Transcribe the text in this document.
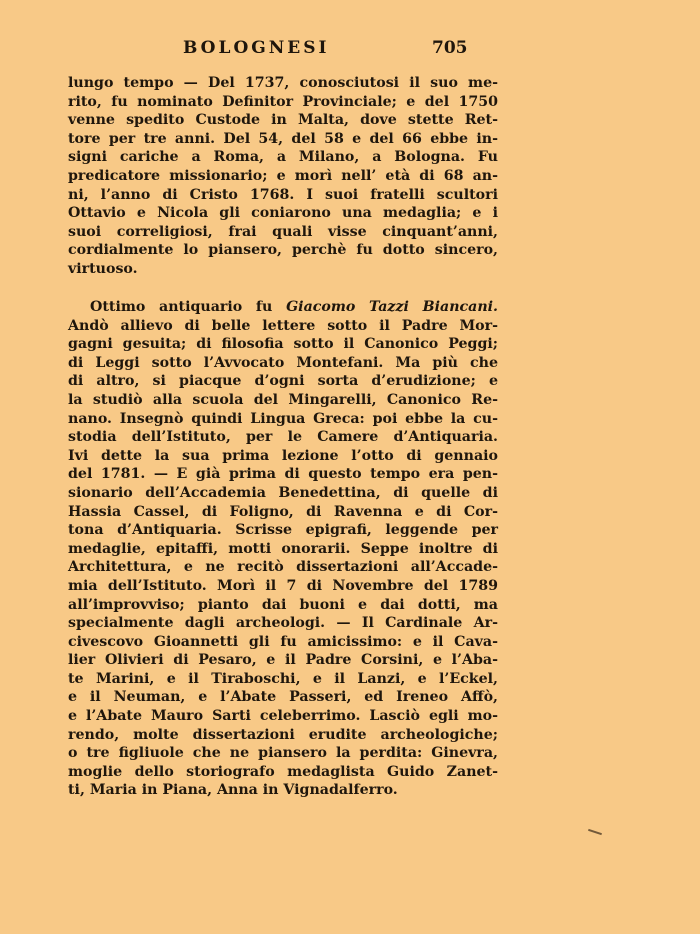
BOLOGNESI	705
lungo tempo — Del 1737, conosciutosi il suo me-
rito, fu nominato Definitor Provinciale; e del 1750
venne spedito Custode in Malta, dove stette Ret-
tore per tre anni. Del 54, del 58 e del 66 ebbe in-
signi cariche a Roma, a Milano, a Bologna. Fu
predicatore missionario; e morì nell’ età di 68 an-
ni, l’anno di Cristo 1768. I suoi fratelli scultori
Ottavio e Nicola gli coniarono una medaglia; e i
suoi correligiosi, frai quali visse cinquant’anni,
cordialmente lo piansero, perchè fu dotto sincero,
virtuoso.
Ottimo antiquario fu Giacomo Tazzi Biancani.
Andò allievo di belle lettere sotto il Padre Mor-
gagni gesuita; di filosofia sotto il Canonico Peggi;
di Leggi sotto l’Avvocato Montefani. Ma più che
di altro, si piacque d’ogni sorta d’erudizione; e
la studiò alla scuola del Mingarelli, Canonico Re-
nano. Insegnò quindi Lingua Greca: poi ebbe la cu-
stodia dell’Istituto, per le Camere d’Antiquaria.
Ivi dette la sua prima lezione l’otto di gennaio
del 1781. — E già prima di questo tempo era pen-
sionario dell’Accademia Benedettina, di quelle di
Hassia Cassel, di Foligno, di Ravenna e di Cor-
tona d’Antiquaria. Scrisse epigrafi, leggende per
medaglie, epitaffi, motti onorarii. Seppe inoltre di
Architettura, e ne recitò dissertazioni all’Accade-
mia dell’Istituto. Morì il 7 di Novembre del 1789
all’improvviso; pianto dai buoni e dai dotti, ma
specialmente dagli archeologi. — Il Cardinale Ar-
civescovo Gioannetti gli fu amicissimo: e il Cava-
lier Olivieri di Pesaro, e il Padre Corsini, e l’Aba-
te Marini, e il Tiraboschi, e il Lanzi, e l’Eckel,
e il Neuman, e l’Abate Passeri, ed Ireneo Affò,
e l’Abate Mauro Sarti celeberrimo. Lasciò egli mo-
rendo, molte dissertazioni erudite archeologiche;
o tre figliuole che ne piansero la perdita: Ginevra,
moglie dello storiografo medaglista Guido Zanet-
ti, Maria in Piana, Anna in Vignadalferro.
